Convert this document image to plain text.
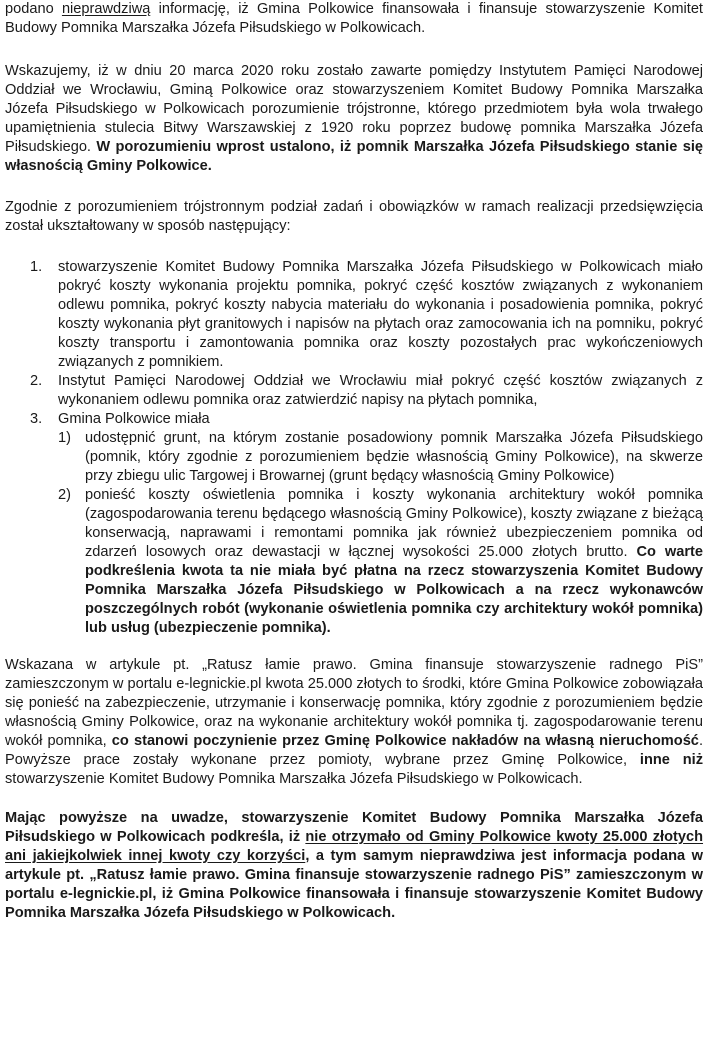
podano nieprawdziwą informację, iż Gmina Polkowice finansowała i finansuje stowarzyszenie Komitet Budowy Pomnika Marszałka Józefa Piłsudskiego w Polkowicach.

Wskazujemy, iż w dniu 20 marca 2020 roku zostało zawarte pomiędzy Instytutem Pamięci Narodowej Oddział we Wrocławiu, Gminą Polkowice oraz stowarzyszeniem Komitet Budowy Pomnika Marszałka Józefa Piłsudskiego w Polkowicach porozumienie trójstronne, którego przedmiotem była wola trwałego upamiętnienia stulecia Bitwy Warszawskiej z 1920 roku poprzez budowę pomnika Marszałka Józefa Piłsudskiego. W porozumieniu wprost ustalono, iż pomnik Marszałka Józefa Piłsudskiego stanie się własnością Gminy Polkowice.

Zgodnie z porozumieniem trójstronnym podział zadań i obowiązków w ramach realizacji przedsięwzięcia został ukształtowany w sposób następujący:

1. stowarzyszenie Komitet Budowy Pomnika Marszałka Józefa Piłsudskiego w Polkowicach miało pokryć koszty wykonania projektu pomnika, pokryć część kosztów związanych z wykonaniem odlewu pomnika, pokryć koszty nabycia materiału do wykonania i posadowienia pomnika, pokryć koszty wykonania płyt granitowych i napisów na płytach oraz zamocowania ich na pomniku, pokryć koszty transportu i zamontowania pomnika oraz koszty pozostałych prac wykończeniowych związanych z pomnikiem.
2. Instytut Pamięci Narodowej Oddział we Wrocławiu miał pokryć część kosztów związanych z wykonaniem odlewu pomnika oraz zatwierdzić napisy na płytach pomnika,
3. Gmina Polkowice miała
1) udostępnić grunt, na którym zostanie posadowiony pomnik Marszałka Józefa Piłsudskiego (pomnik, który zgodnie z porozumieniem będzie własnością Gminy Polkowice), na skwerze przy zbiegu ulic Targowej i Browarnej (grunt będący własnością Gminy Polkowice)
2) ponieść koszty oświetlenia pomnika i koszty wykonania architektury wokół pomnika (zagospodarowania terenu będącego własnością Gminy Polkowice), koszty związane z bieżącą konserwacją, naprawami i remontami pomnika jak również ubezpieczeniem pomnika od zdarzeń losowych oraz dewastacji w łącznej wysokości 25.000 złotych brutto. Co warte podkreślenia kwota ta nie miała być płatna na rzecz stowarzyszenia Komitet Budowy Pomnika Marszałka Józefa Piłsudskiego w Polkowicach a na rzecz wykonawców poszczególnych robót (wykonanie oświetlenia pomnika czy architektury wokół pomnika) lub usług (ubezpieczenie pomnika).

Wskazana w artykule pt. „Ratusz łamie prawo. Gmina finansuje stowarzyszenie radnego PiS” zamieszczonym w portalu e-legnickie.pl kwota 25.000 złotych to środki, które Gmina Polkowice zobowiązała się ponieść na zabezpieczenie, utrzymanie i konserwację pomnika, który zgodnie z porozumieniem będzie własnością Gminy Polkowice, oraz na wykonanie architektury wokół pomnika tj. zagospodarowanie terenu wokół pomnika, co stanowi poczynienie przez Gminę Polkowice nakładów na własną nieruchomość. Powyższe prace zostały wykonane przez pomioty, wybrane przez Gminę Polkowice, inne niż stowarzyszenie Komitet Budowy Pomnika Marszałka Józefa Piłsudskiego w Polkowicach.

Mając powyższe na uwadze, stowarzyszenie Komitet Budowy Pomnika Marszałka Józefa Piłsudskiego w Polkowicach podkreśla, iż nie otrzymało od Gminy Polkowice kwoty 25.000 złotych ani jakiejkolwiek innej kwoty czy korzyści, a tym samym nieprawdziwa jest informacja podana w artykule pt. „Ratusz łamie prawo. Gmina finansuje stowarzyszenie radnego PiS” zamieszczonym w portalu e-legnickie.pl, iż Gmina Polkowice finansowała i finansuje stowarzyszenie Komitet Budowy Pomnika Marszałka Józefa Piłsudskiego w Polkowicach.
